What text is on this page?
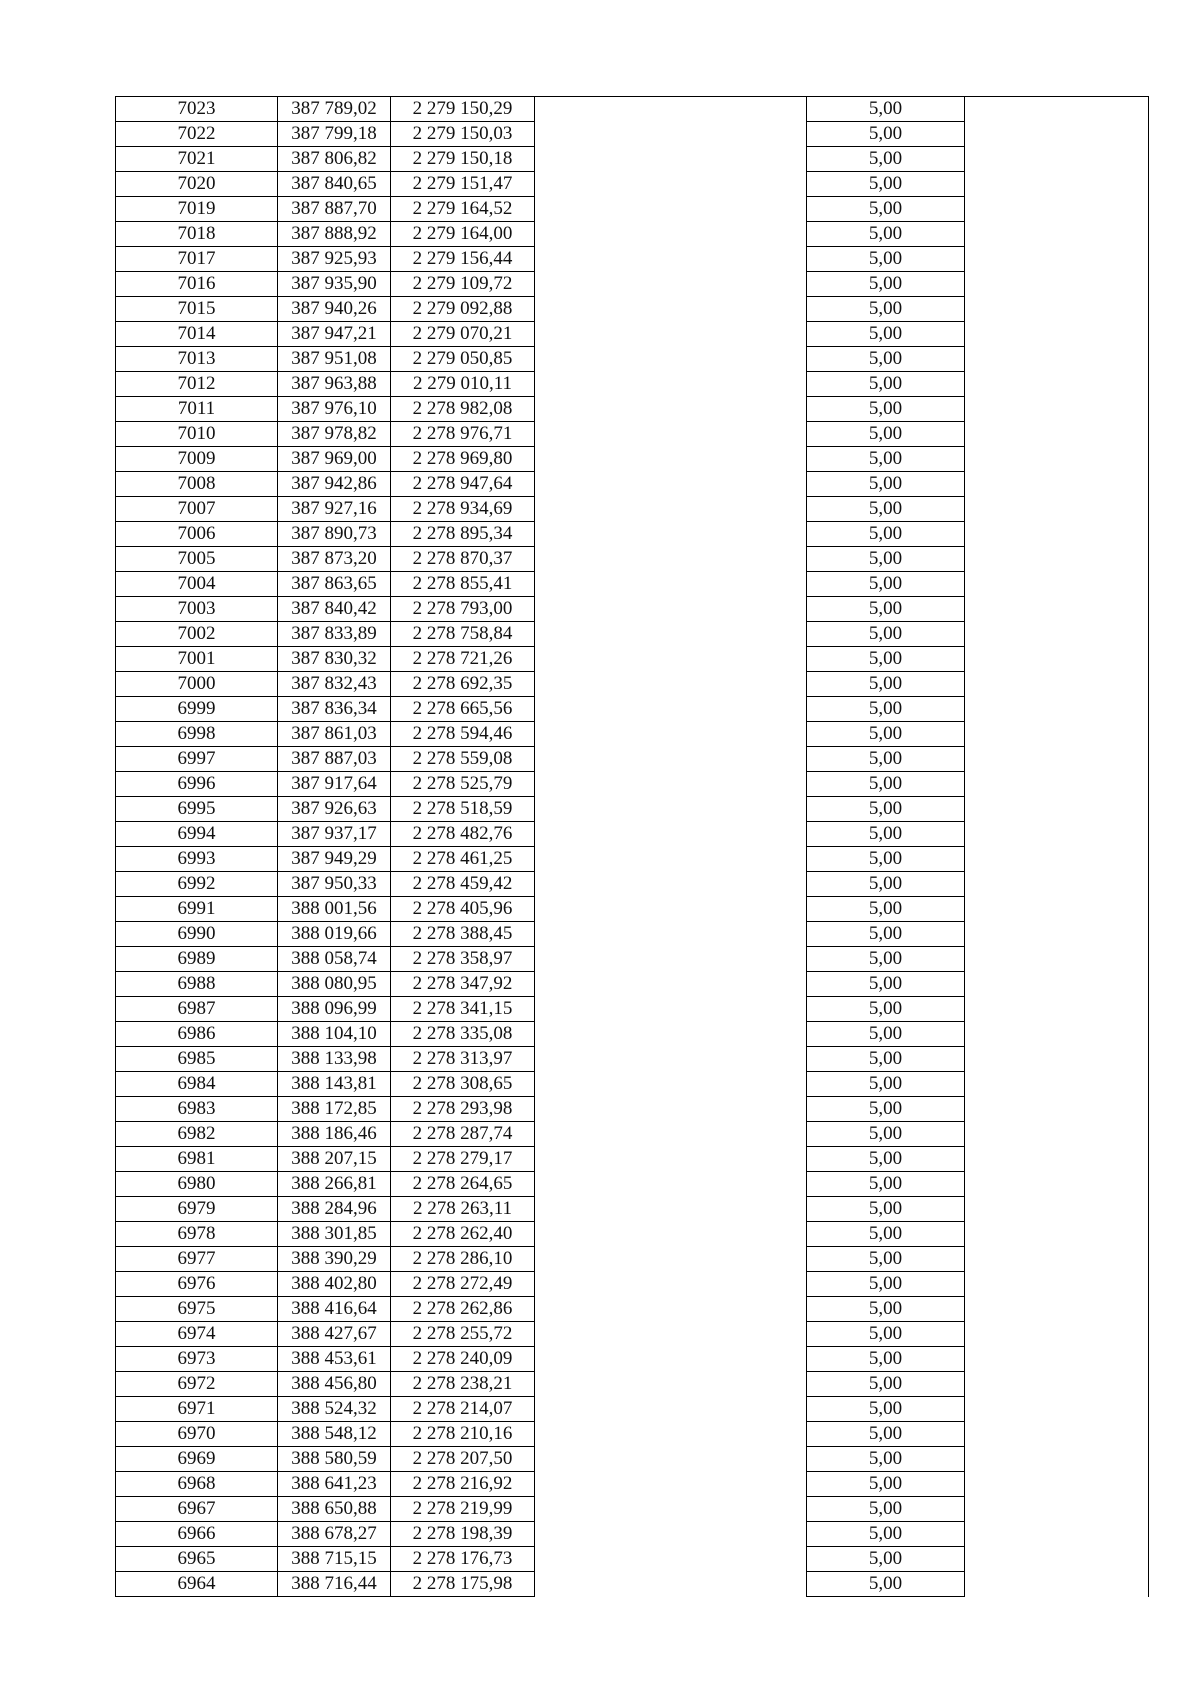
7023	387 789,02	2 279 150,29		5,00	
7022	387 799,18	2 279 150,03		5,00	
7021	387 806,82	2 279 150,18		5,00	
7020	387 840,65	2 279 151,47		5,00	
7019	387 887,70	2 279 164,52		5,00	
7018	387 888,92	2 279 164,00		5,00	
7017	387 925,93	2 279 156,44		5,00	
7016	387 935,90	2 279 109,72		5,00	
7015	387 940,26	2 279 092,88		5,00	
7014	387 947,21	2 279 070,21		5,00	
7013	387 951,08	2 279 050,85		5,00	
7012	387 963,88	2 279 010,11		5,00	
7011	387 976,10	2 278 982,08		5,00	
7010	387 978,82	2 278 976,71		5,00	
7009	387 969,00	2 278 969,80		5,00	
7008	387 942,86	2 278 947,64		5,00	
7007	387 927,16	2 278 934,69		5,00	
7006	387 890,73	2 278 895,34		5,00	
7005	387 873,20	2 278 870,37		5,00	
7004	387 863,65	2 278 855,41		5,00	
7003	387 840,42	2 278 793,00		5,00	
7002	387 833,89	2 278 758,84		5,00	
7001	387 830,32	2 278 721,26		5,00	
7000	387 832,43	2 278 692,35		5,00	
6999	387 836,34	2 278 665,56		5,00	
6998	387 861,03	2 278 594,46		5,00	
6997	387 887,03	2 278 559,08		5,00	
6996	387 917,64	2 278 525,79		5,00	
6995	387 926,63	2 278 518,59		5,00	
6994	387 937,17	2 278 482,76		5,00	
6993	387 949,29	2 278 461,25		5,00	
6992	387 950,33	2 278 459,42		5,00	
6991	388 001,56	2 278 405,96		5,00	
6990	388 019,66	2 278 388,45		5,00	
6989	388 058,74	2 278 358,97		5,00	
6988	388 080,95	2 278 347,92		5,00	
6987	388 096,99	2 278 341,15		5,00	
6986	388 104,10	2 278 335,08		5,00	
6985	388 133,98	2 278 313,97		5,00	
6984	388 143,81	2 278 308,65		5,00	
6983	388 172,85	2 278 293,98		5,00	
6982	388 186,46	2 278 287,74		5,00	
6981	388 207,15	2 278 279,17		5,00	
6980	388 266,81	2 278 264,65		5,00	
6979	388 284,96	2 278 263,11		5,00	
6978	388 301,85	2 278 262,40		5,00	
6977	388 390,29	2 278 286,10		5,00	
6976	388 402,80	2 278 272,49		5,00	
6975	388 416,64	2 278 262,86		5,00	
6974	388 427,67	2 278 255,72		5,00	
6973	388 453,61	2 278 240,09		5,00	
6972	388 456,80	2 278 238,21		5,00	
6971	388 524,32	2 278 214,07		5,00	
6970	388 548,12	2 278 210,16		5,00	
6969	388 580,59	2 278 207,50		5,00	
6968	388 641,23	2 278 216,92		5,00	
6967	388 650,88	2 278 219,99		5,00	
6966	388 678,27	2 278 198,39		5,00	
6965	388 715,15	2 278 176,73		5,00	
6964	388 716,44	2 278 175,98		5,00	
